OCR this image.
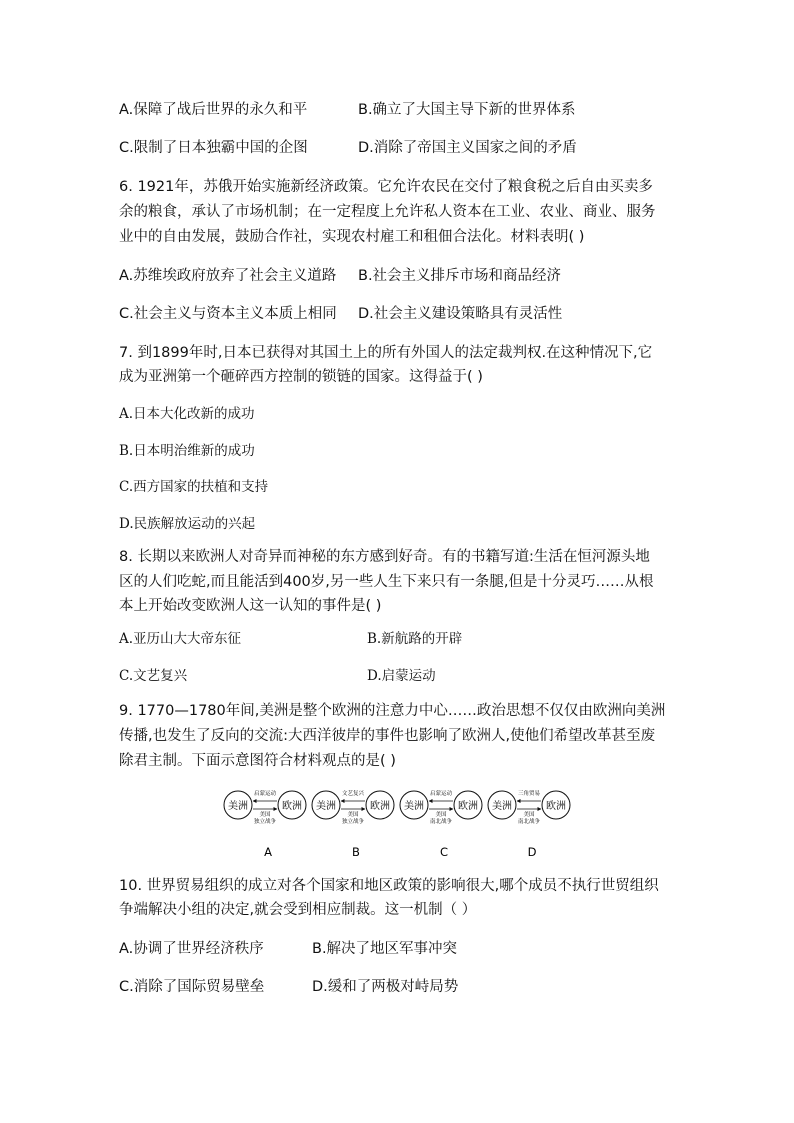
A.保障了战后世界的永久和平	B.确立了大国主导下新的世界体系
C.限制了日本独霸中国的企图	D.消除了帝国主义国家之间的矛盾
6. 1921年，苏俄开始实施新经济政策。它允许农民在交付了粮食税之后自由买卖多
余的粮食，承认了市场机制；在一定程度上允许私人资本在工业、农业、商业、服务
业中的自由发展，鼓励合作社，实现农村雇工和租佃合法化。材料表明( )
A.苏维埃政府放弃了社会主义道路 B.社会主义排斥市场和商品经济
C.社会主义与资本主义本质上相同 D.社会主义建设策略具有灵活性
7. 到1899年时,日本已获得对其国土上的所有外国人的法定裁判权.在这种情况下,它
成为亚洲第一个砸碎西方控制的锁链的国家。这得益于( )
A.日本大化改新的成功
B.日本明治维新的成功
C.西方国家的扶植和支持
D.民族解放运动的兴起
8. 长期以来欧洲人对奇异而神秘的东方感到好奇。有的书籍写道:生活在恒河源头地
区的人们吃蛇,而且能活到400岁,另一些人生下来只有一条腿,但是十分灵巧……从根
本上开始改变欧洲人这一认知的事件是( )
A.亚历山大大帝东征	B.新航路的开辟
C.文艺复兴	D.启蒙运动
9. 1770—1780年间,美洲是整个欧洲的注意力中心……政治思想不仅仅由欧洲向美洲
传播,也发生了反向的交流:大西洋彼岸的事件也影响了欧洲人,使他们希望改革甚至废
除君主制。下面示意图符合材料观点的是( )
美洲	欧洲
启蒙运动
美国
独立战争
A
美洲	欧洲
文艺复兴
美国
独立战争
B
美洲	欧洲
启蒙运动
美国
南北战争
C
美洲	欧洲
三角贸易
美国
南北战争
D
10. 世界贸易组织的成立对各个国家和地区政策的影响很大,哪个成员不执行世贸组织
争端解决小组的决定,就会受到相应制裁。这一机制（ ）
A.协调了世界经济秩序	B.解决了地区军事冲突
C.消除了国际贸易壁垒	D.缓和了两极对峙局势
